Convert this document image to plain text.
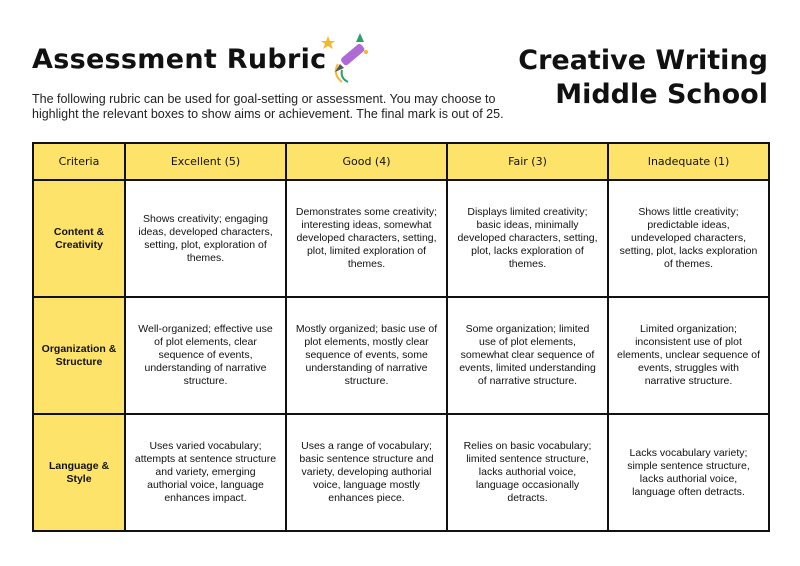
Assessment Rubric	Creative Writing
Middle School
The following rubric can be used for goal-setting or assessment. You may choose to highlight the relevant boxes to show aims or achievement. The final mark is out of 25.
Criteria	Excellent (5)	Good (4)	Fair (3)	Inadequate (1)
Content & Creativity	Shows creativity; engaging ideas, developed characters, setting, plot, exploration of themes.	Demonstrates some creativity; interesting ideas, somewhat developed characters, setting, plot, limited exploration of themes.	Displays limited creativity; basic ideas, minimally developed characters, setting, plot, lacks exploration of themes.	Shows little creativity; predictable ideas, undeveloped characters, setting, plot, lacks exploration of themes.
Organization & Structure	Well-organized; effective use of plot elements, clear sequence of events, understanding of narrative structure.	Mostly organized; basic use of plot elements, mostly clear sequence of events, some understanding of narrative structure.	Some organization; limited use of plot elements, somewhat clear sequence of events, limited understanding of narrative structure.	Limited organization; inconsistent use of plot elements, unclear sequence of events, struggles with narrative structure.
Language & Style	Uses varied vocabulary; attempts at sentence structure and variety, emerging authorial voice, language enhances impact.	Uses a range of vocabulary; basic sentence structure and variety, developing authorial voice, language mostly enhances piece.	Relies on basic vocabulary; limited sentence structure, lacks authorial voice, language occasionally detracts.	Lacks vocabulary variety; simple sentence structure, lacks authorial voice, language often detracts.
